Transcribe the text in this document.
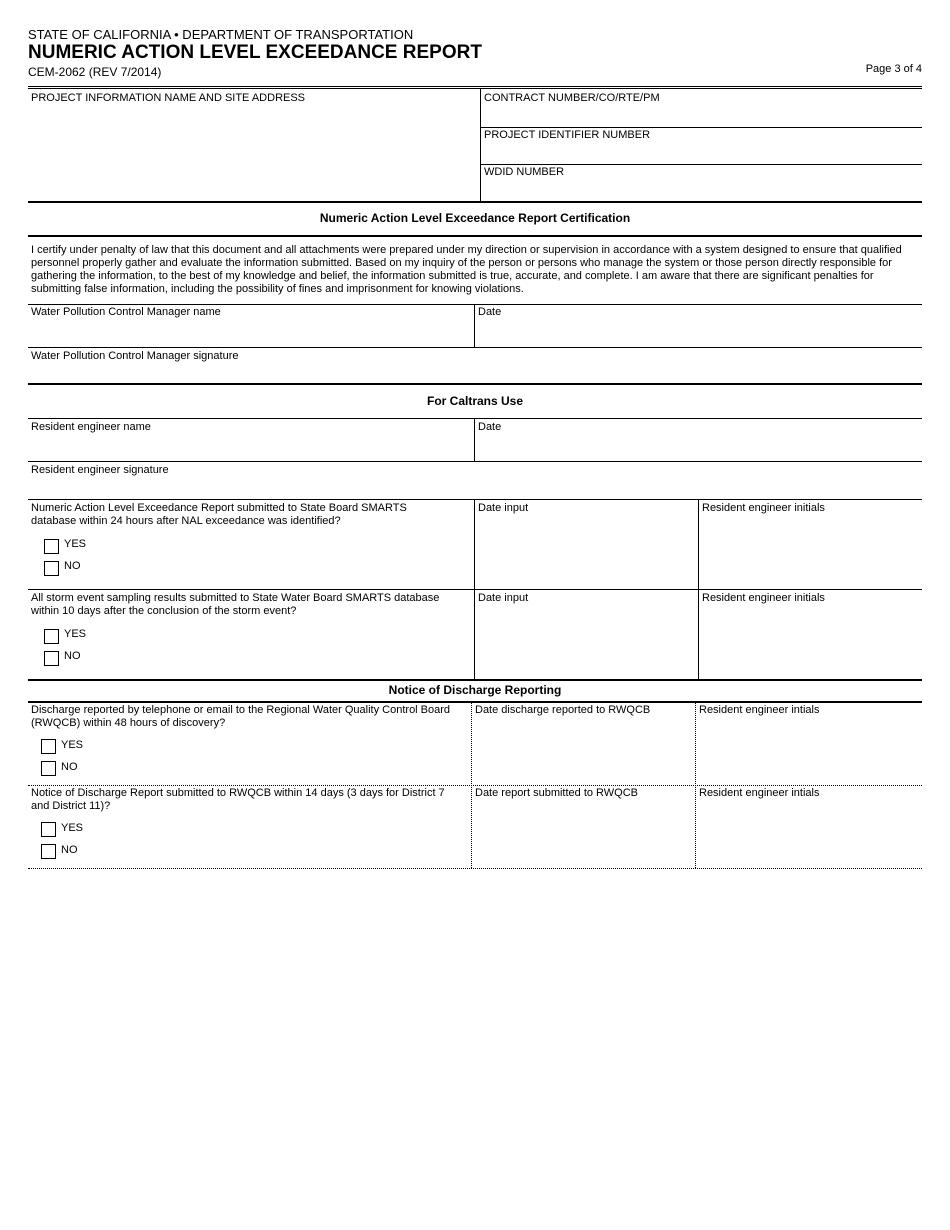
STATE OF CALIFORNIA • DEPARTMENT OF TRANSPORTATION
NUMERIC ACTION LEVEL EXCEEDANCE REPORT
CEM-2062 (REV 7/2014)	Page 3 of 4
PROJECT INFORMATION NAME AND SITE ADDRESS	CONTRACT NUMBER/CO/RTE/PM
PROJECT IDENTIFIER NUMBER
WDID NUMBER
Numeric Action Level Exceedance Report Certification
I certify under penalty of law that this document and all attachments were prepared under my direction or supervision in accordance with a system designed to ensure that qualified personnel properly gather and evaluate the information submitted. Based on my inquiry of the person or persons who manage the system or those person directly responsible for gathering the information, to the best of my knowledge and belief, the information submitted is true, accurate, and complete. I am aware that there are significant penalties for submitting false information, including the possibility of fines and imprisonment for knowing violations.
Water Pollution Control Manager name	Date
Water Pollution Control Manager signature
For Caltrans Use
Resident engineer name	Date
Resident engineer signature
Numeric Action Level Exceedance Report submitted to State Board SMARTS
database within 24 hours after NAL exceedance was identified?
YES
NO
Date input	Resident engineer initials
All storm event sampling results submitted to State Water Board SMARTS database
within 10 days after the conclusion of the storm event?
YES
NO
Date input	Resident engineer initials
Notice of Discharge Reporting
Discharge reported by telephone or email to the Regional Water Quality Control Board
(RWQCB) within 48 hours of discovery?
YES
NO
Date discharge reported to RWQCB	Resident engineer intials
Notice of Discharge Report submitted to RWQCB within 14 days (3 days for District 7
and District 11)?
YES
NO
Date report submitted to RWQCB	Resident engineer intials
